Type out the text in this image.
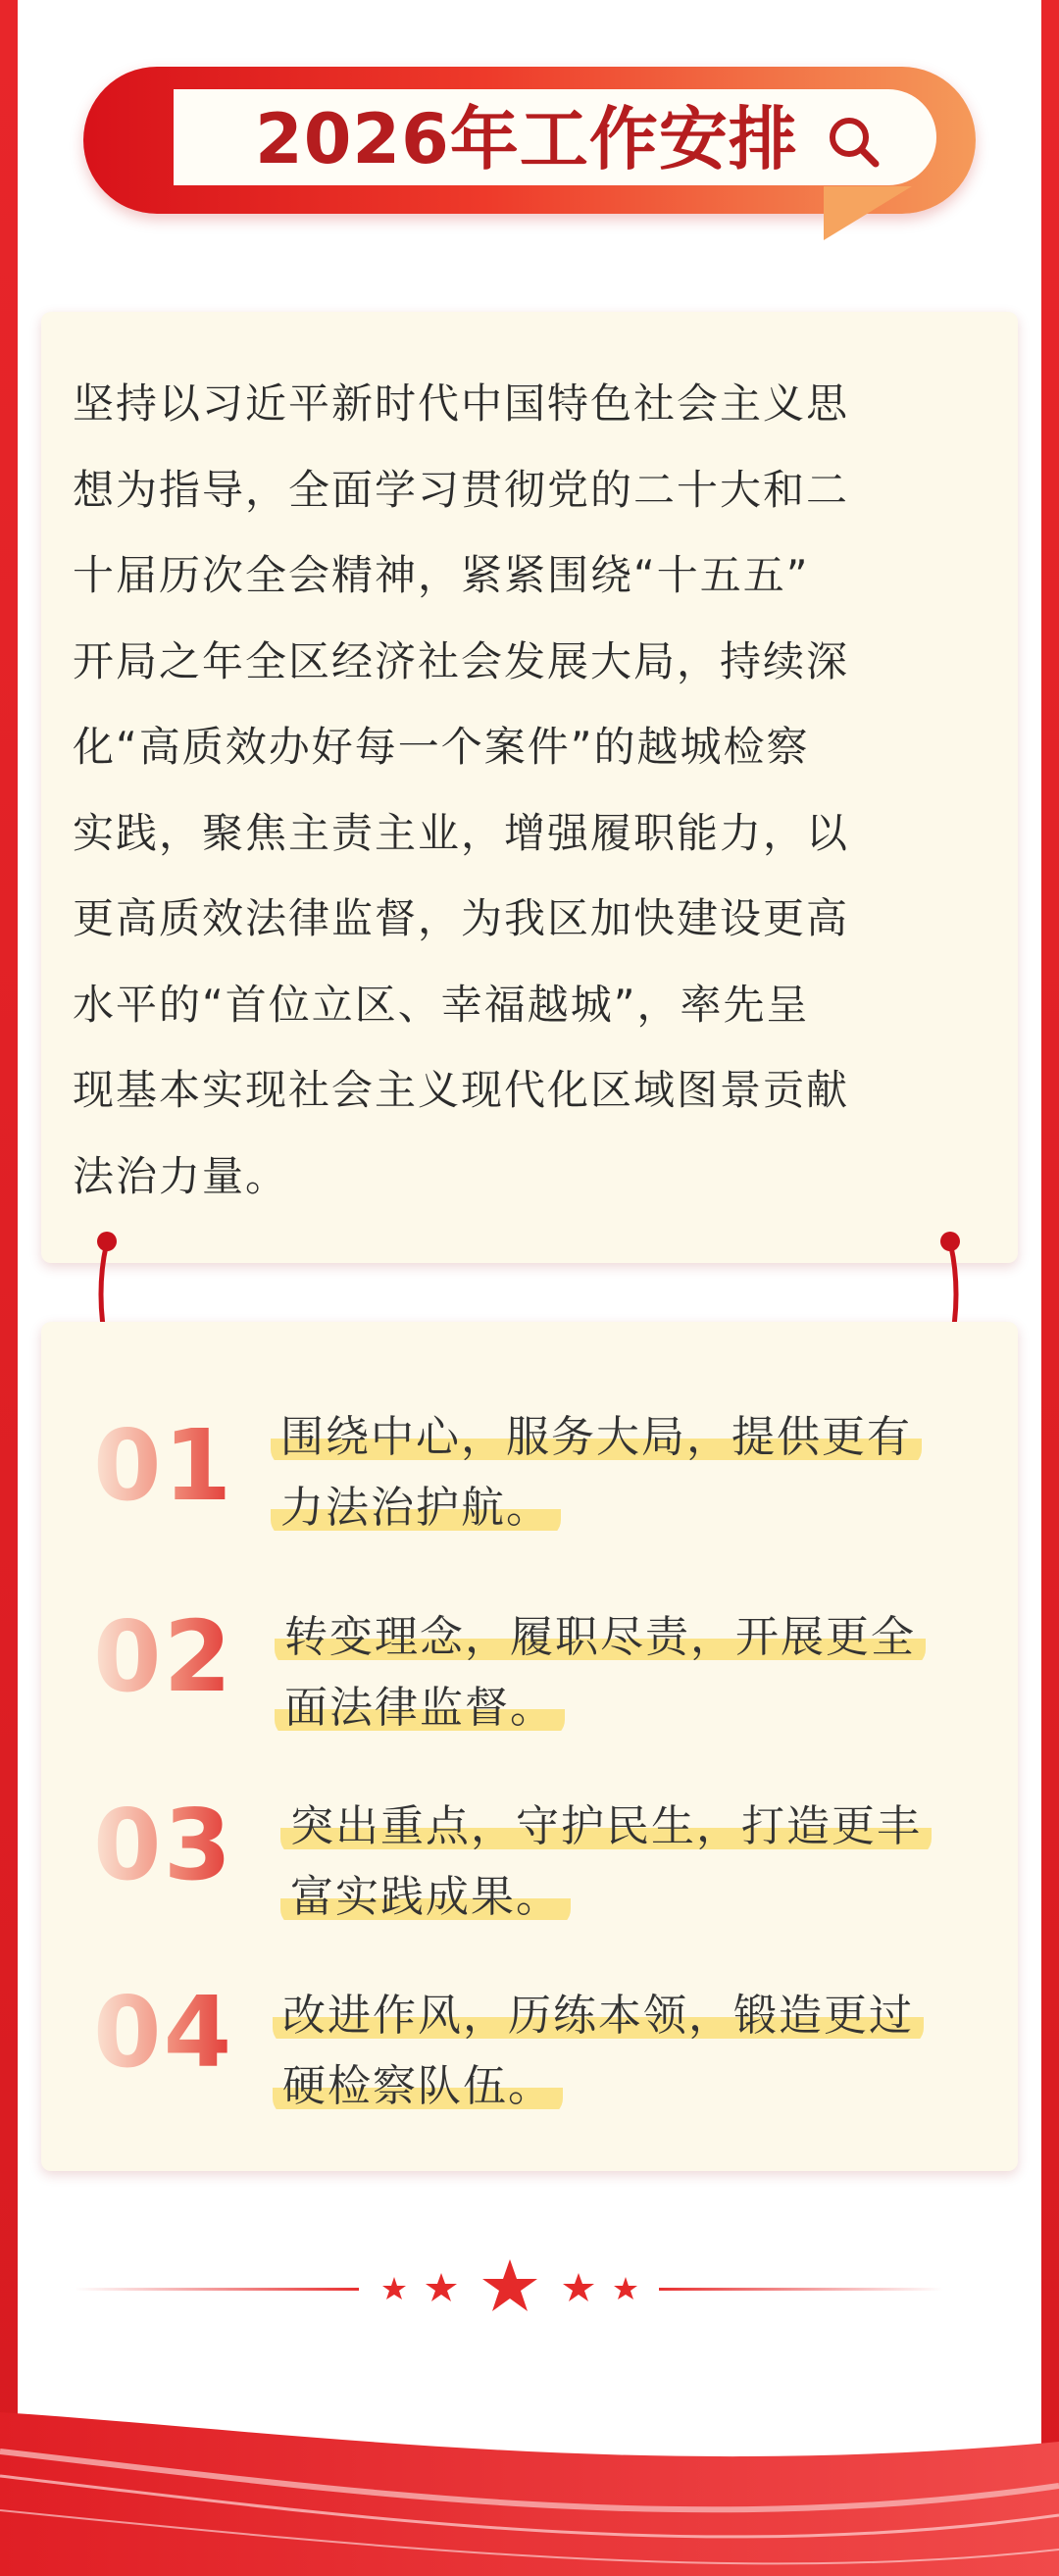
2026年工作安排
坚持以习近平新时代中国特色社会主义思
想为指导，全面学习贯彻党的二十大和二
十届历次全会精神，紧紧围绕“十五五”
开局之年全区经济社会发展大局，持续深
化“高质效办好每一个案件”的越城检察
实践，聚焦主责主业，增强履职能力，以
更高质效法律监督，为我区加快建设更高
水平的“首位立区、幸福越城”，率先呈
现基本实现社会主义现代化区域图景贡献
法治力量。
01 围绕中心，服务大局，提供更有
力法治护航。
02 转变理念，履职尽责，开展更全
面法律监督。
03 突出重点，守护民生，打造更丰
富实践成果。
04 改进作风，历练本领，锻造更过
硬检察队伍。
